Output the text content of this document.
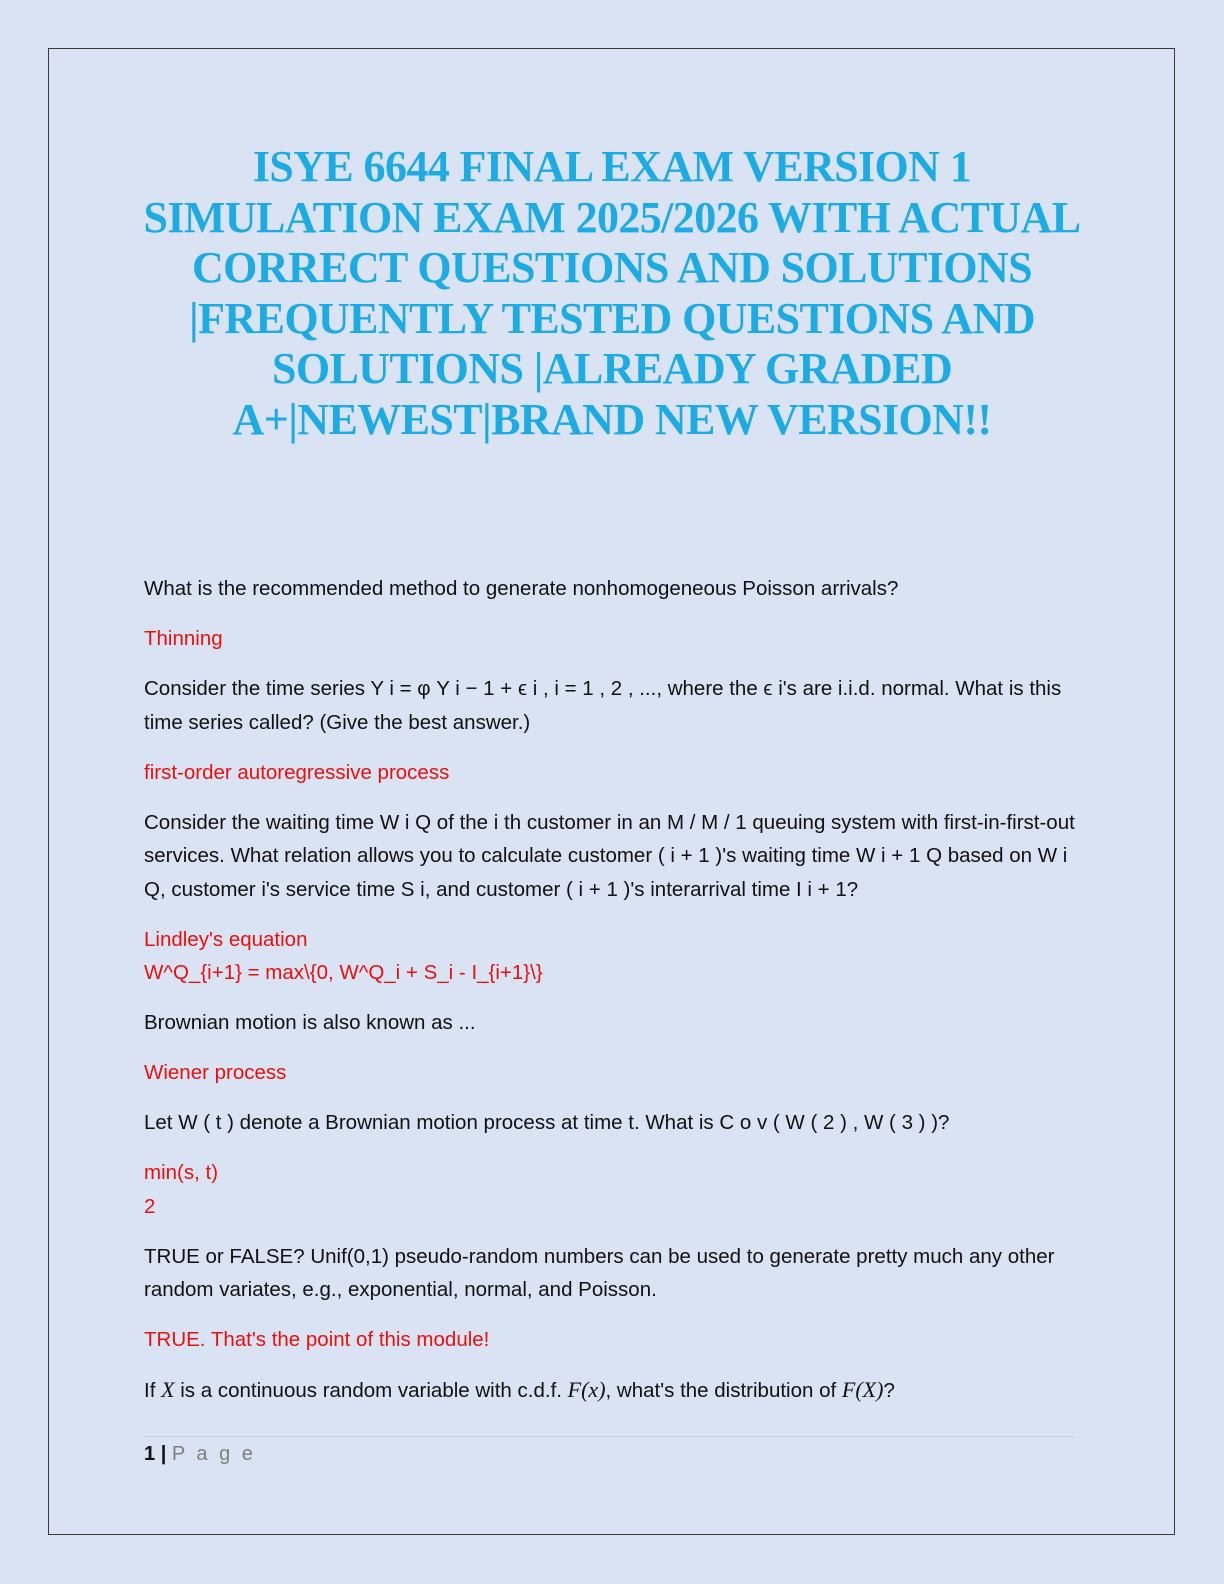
ISYE 6644 FINAL EXAM VERSION 1
SIMULATION EXAM 2025/2026 WITH ACTUAL
CORRECT QUESTIONS AND SOLUTIONS
|FREQUENTLY TESTED QUESTIONS AND
SOLUTIONS |ALREADY GRADED
A+|NEWEST|BRAND NEW VERSION!!

What is the recommended method to generate nonhomogeneous Poisson arrivals?

Thinning

Consider the time series Y i = φ Y i − 1 + ϵ i , i = 1 , 2 , ..., where the ϵ i's are i.i.d. normal. What is this time series called? (Give the best answer.)

first-order autoregressive process

Consider the waiting time W i Q of the i th customer in an M / M / 1 queuing system with first-in-first-out services. What relation allows you to calculate customer ( i + 1 )'s waiting time W i + 1 Q based on W i Q, customer i's service time S i, and customer ( i + 1 )'s interarrival time I i + 1?

Lindley's equation
W^Q_{i+1} = max\{0, W^Q_i + S_i - I_{i+1}\}

Brownian motion is also known as ...

Wiener process

Let W ( t ) denote a Brownian motion process at time t. What is C o v ( W ( 2 ) , W ( 3 ) )?

min(s, t)
2

TRUE or FALSE? Unif(0,1) pseudo-random numbers can be used to generate pretty much any other random variates, e.g., exponential, normal, and Poisson.

TRUE. That's the point of this module!

If X is a continuous random variable with c.d.f. F(x), what's the distribution of F(X)?

1 | P a g e
